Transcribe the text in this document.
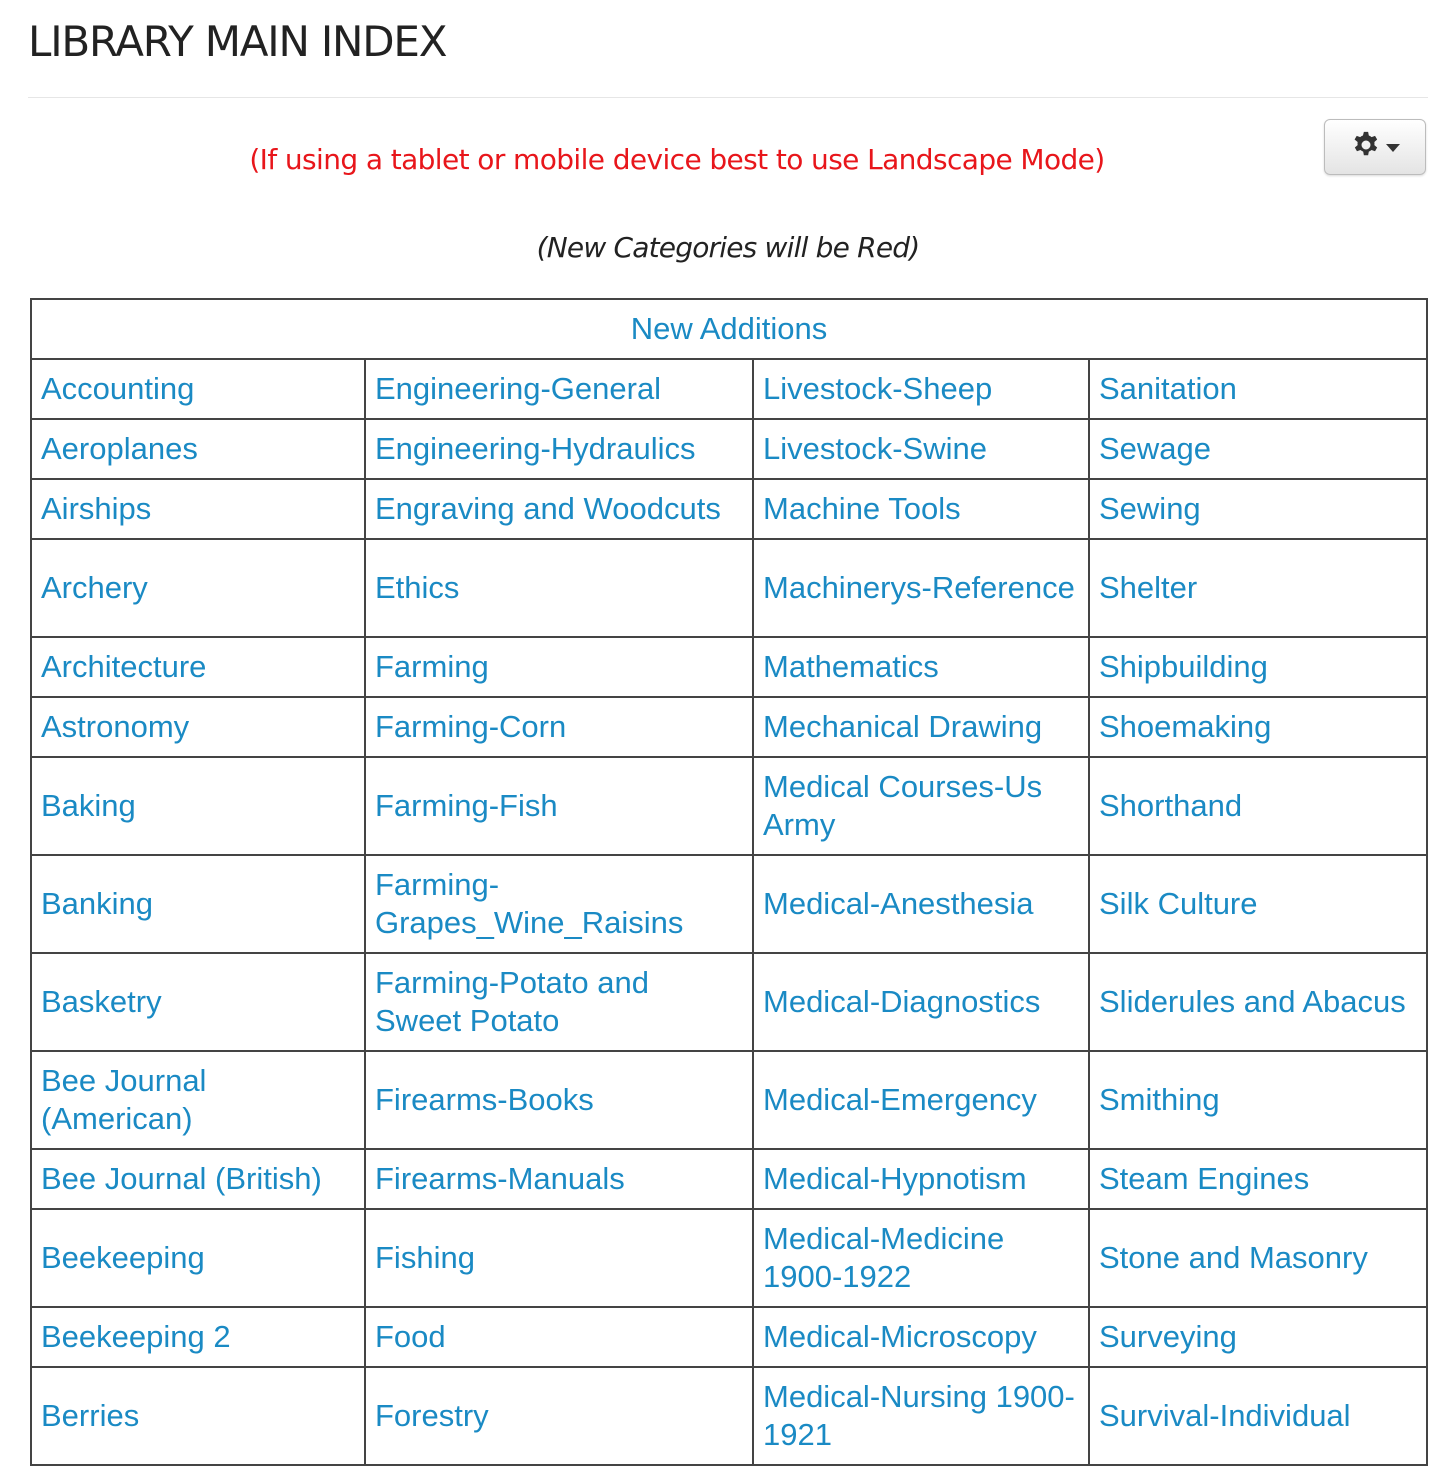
LIBRARY MAIN INDEX
(If using a tablet or mobile device best to use Landscape Mode)
(New Categories will be Red)
New Additions			
Accounting	Engineering-General	Livestock-Sheep	Sanitation
Aeroplanes	Engineering-Hydraulics	Livestock-Swine	Sewage
Airships	Engraving and Woodcuts	Machine Tools	Sewing
Archery	Ethics	Machinerys-Reference	Shelter
Architecture	Farming	Mathematics	Shipbuilding
Astronomy	Farming-Corn	Mechanical Drawing	Shoemaking
Baking	Farming-Fish	Medical Courses-Us Army	Shorthand
Banking	Farming-Grapes_Wine_Raisins	Medical-Anesthesia	Silk Culture
Basketry	Farming-Potato and Sweet Potato	Medical-Diagnostics	Sliderules and Abacus
Bee Journal (American)	Firearms-Books	Medical-Emergency	Smithing
Bee Journal (British)	Firearms-Manuals	Medical-Hypnotism	Steam Engines
Beekeeping	Fishing	Medical-Medicine 1900-1922	Stone and Masonry
Beekeeping 2	Food	Medical-Microscopy	Surveying
Berries	Forestry	Medical-Nursing 1900-1921	Survival-Individual
